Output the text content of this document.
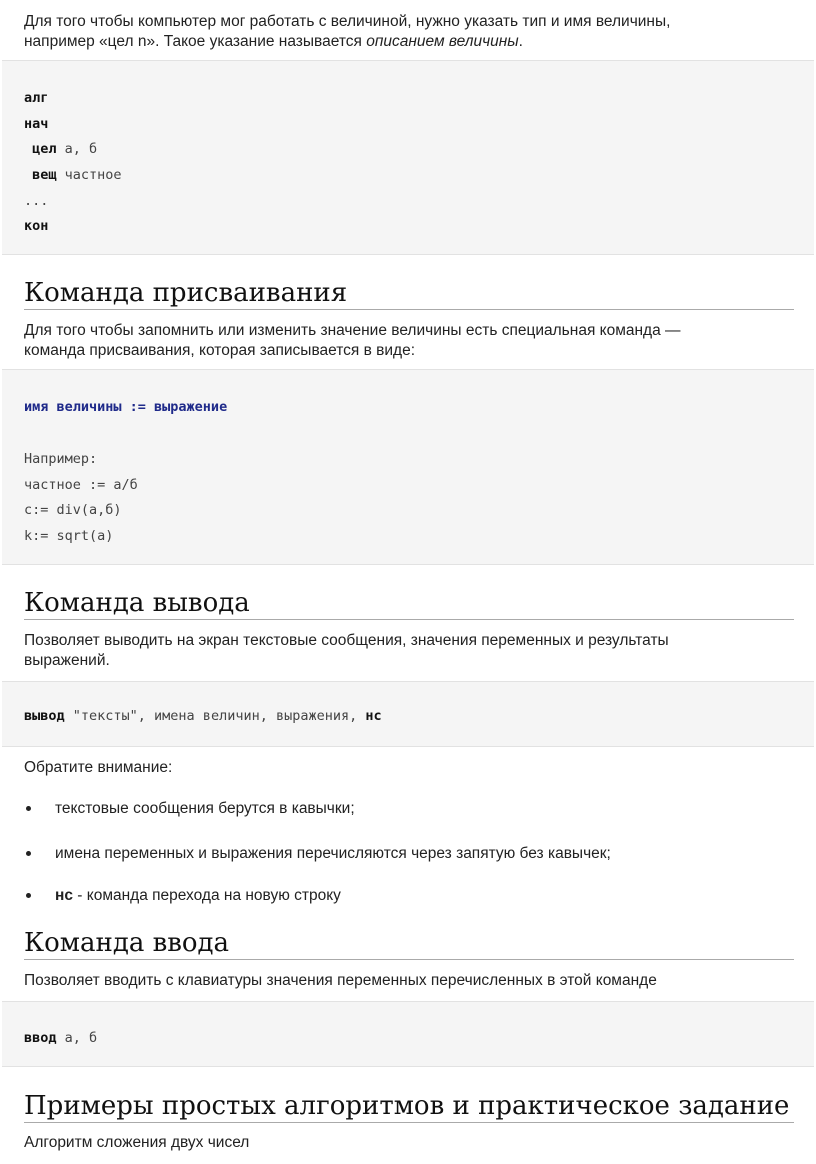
Для того чтобы компьютер мог работать с величиной, нужно указать тип и имя величины,
например «цел n». Такое указание называется описанием величины.

алг
нач
цел а, б
вещ частное
...
кон
Команда присваивания

Для того чтобы запомнить или изменить значение величины есть специальная команда —
команда присваивания, которая записывается в виде:

имя величины := выражение
Например:
частное := а/б
с:= div(а,б)
k:= sqrt(a)
Команда вывода

Позволяет выводить на экран текстовые сообщения, значения переменных и результаты
выражений.

вывод "тексты", имена величин, выражения, нс

Обратите внимание:

текстовые сообщения берутся в кавычки;
имена переменных и выражения перечисляются через запятую без кавычек;
нс - команда перехода на новую строку
Команда ввода

Позволяет вводить с клавиатуры значения переменных перечисленных в этой команде

ввод а, б
Примеры простых алгоритмов и практическое задание

Алгоритм сложения двух чисел
